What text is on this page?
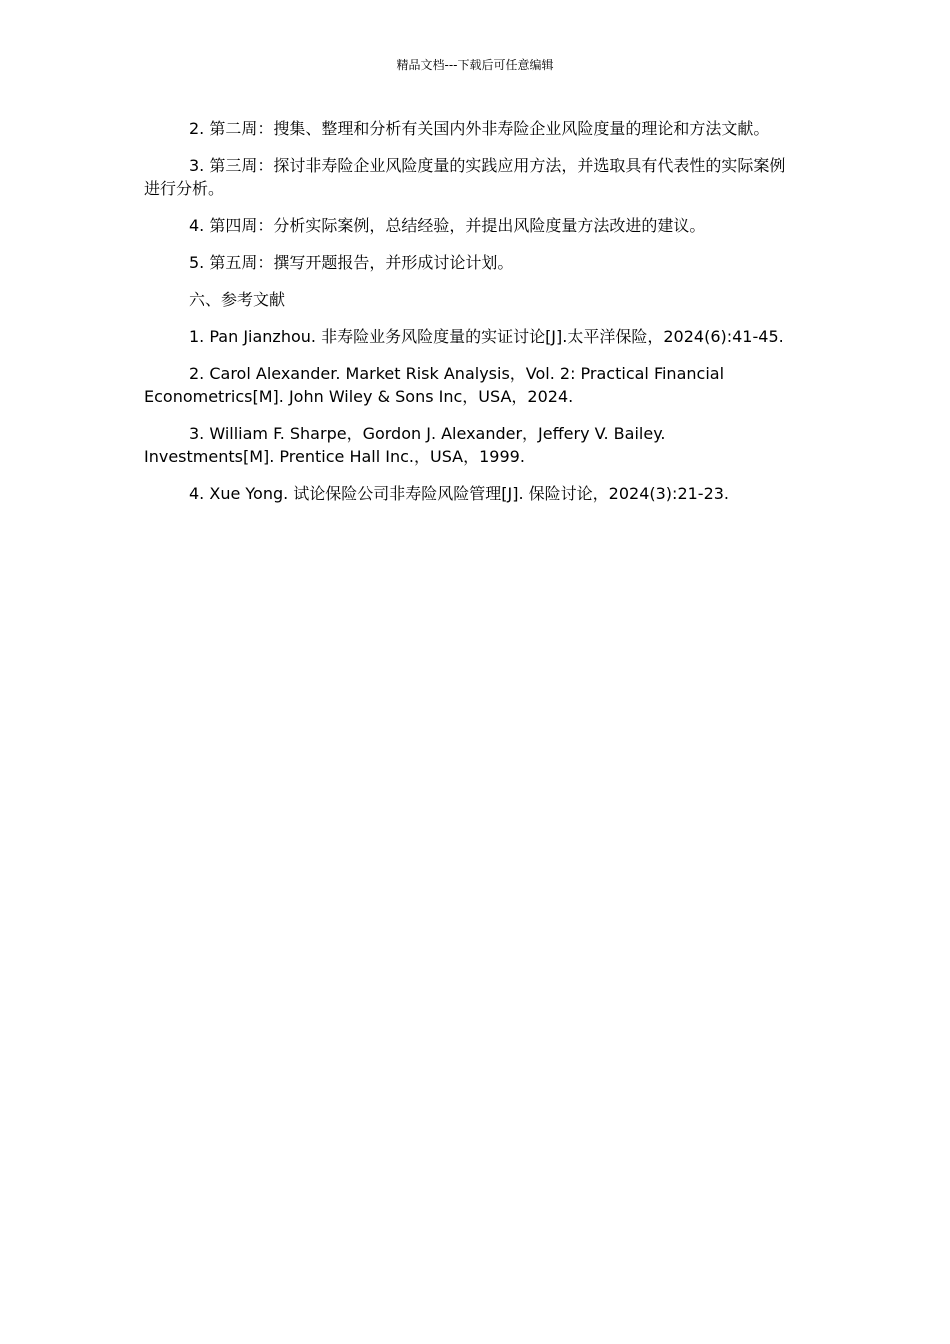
精品文档---下载后可任意编辑

2. 第二周：搜集、整理和分析有关国内外非寿险企业风险度量的理论和方法文献。

3. 第三周：探讨非寿险企业风险度量的实践应用方法，并选取具有代表性的实际案例进行分析。

4. 第四周：分析实际案例，总结经验，并提出风险度量方法改进的建议。

5. 第五周：撰写开题报告，并形成讨论计划。

六、参考文献

1. Pan Jianzhou. 非寿险业务风险度量的实证讨论[J].太平洋保险，2024(6):41-45.

2. Carol Alexander. Market Risk Analysis，Vol. 2: Practical Financial Econometrics[M]. John Wiley & Sons Inc，USA，2024.

3. William F. Sharpe，Gordon J. Alexander，Jeffery V. Bailey. Investments[M]. Prentice Hall Inc.，USA，1999.

4. Xue Yong. 试论保险公司非寿险风险管理[J]. 保险讨论，2024(3):21-23.
